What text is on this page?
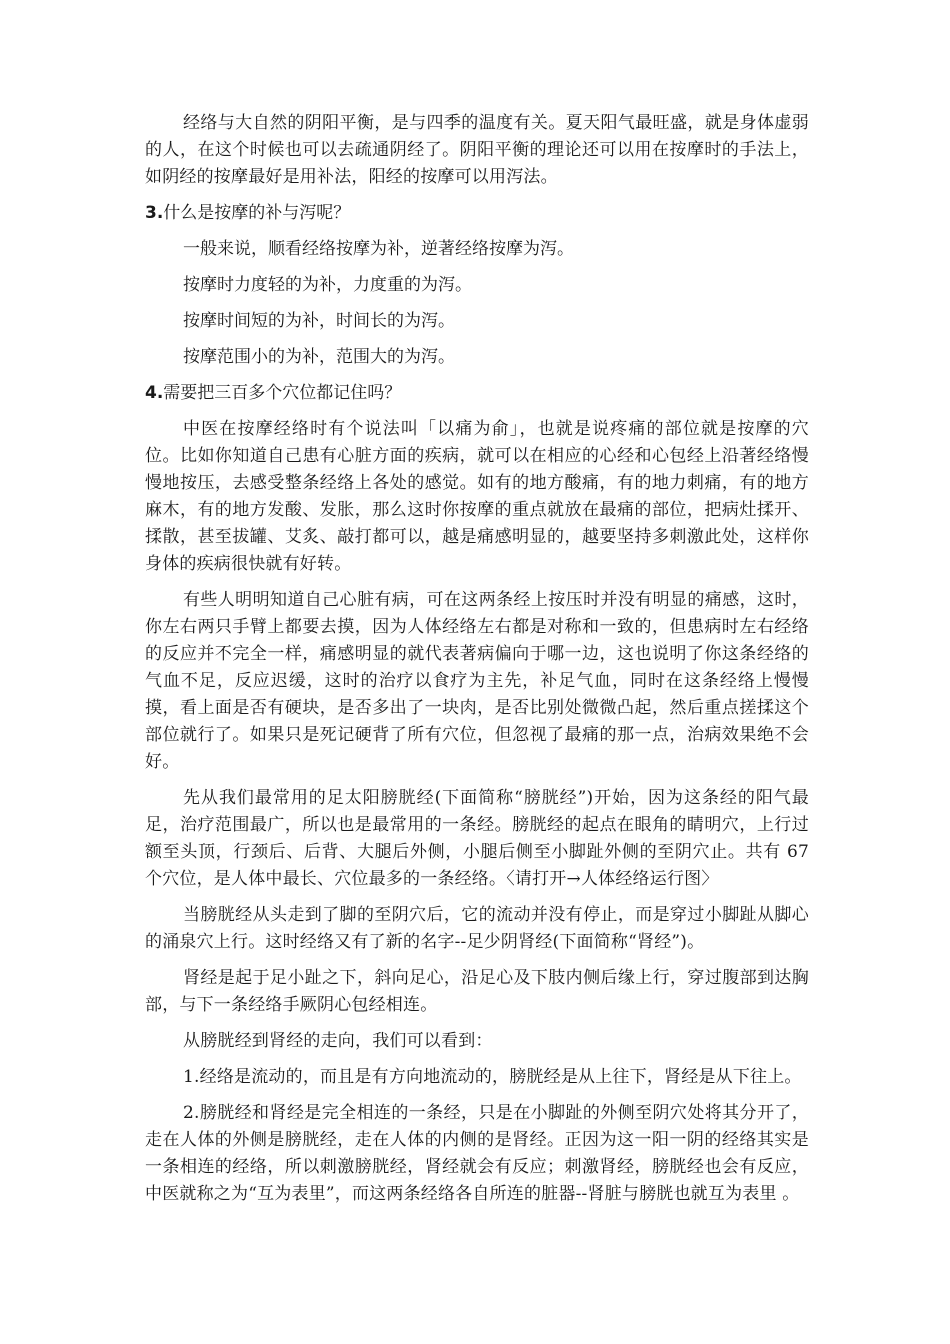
经络与大自然的阴阳平衡，是与四季的温度有关。夏天阳气最旺盛，就是身体虚弱的人，在这个时候也可以去疏通阴经了。阴阳平衡的理论还可以用在按摩时的手法上，如阴经的按摩最好是用补法，阳经的按摩可以用泻法。

3.什么是按摩的补与泻呢？

一般来说，顺看经络按摩为补，逆著经络按摩为泻。

按摩时力度轻的为补，力度重的为泻。

按摩时间短的为补，时间长的为泻。

按摩范围小的为补，范围大的为泻。

4.需要把三百多个穴位都记住吗？

中医在按摩经络时有个说法叫「以痛为俞」，也就是说疼痛的部位就是按摩的穴位。比如你知道自己患有心脏方面的疾病，就可以在相应的心经和心包经上沿著经络慢慢地按压，去感受整条经络上各处的感觉。如有的地方酸痛，有的地力刺痛，有的地方麻木，有的地方发酸、发胀，那么这时你按摩的重点就放在最痛的部位，把病灶揉开、揉散，甚至拔罐、艾炙、敲打都可以，越是痛感明显的，越要坚持多刺激此处，这样你身体的疾病很快就有好转。

有些人明明知道自己心脏有病，可在这两条经上按压时并没有明显的痛感，这时，你左右两只手臂上都要去摸，因为人体经络左右都是对称和一致的，但患病时左右经络的反应并不完全一样，痛感明显的就代表著病偏向于哪一边，这也说明了你这条经络的气血不足，反应迟缓，这时的治疗以食疗为主先，补足气血，同时在这条经络上慢慢摸，看上面是否有硬块，是否多出了一块肉，是否比别处微微凸起，然后重点搓揉这个部位就行了。如果只是死记硬背了所有穴位，但忽视了最痛的那一点，治病效果绝不会好。

先从我们最常用的足太阳膀胱经(下面简称“膀胱经”)开始，因为这条经的阳气最足，治疗范围最广，所以也是最常用的一条经。膀胱经的起点在眼角的睛明穴，上行过额至头顶，行颈后、后背、大腿后外侧，小腿后侧至小脚趾外侧的至阴穴止。共有 67 个穴位，是人体中最长、穴位最多的一条经络。〈请打开→人体经络运行图〉

当膀胱经从头走到了脚的至阴穴后，它的流动并没有停止，而是穿过小脚趾从脚心的涌泉穴上行。这时经络又有了新的名字--足少阴肾经(下面简称“肾经”)。

肾经是起于足小趾之下，斜向足心，沿足心及下肢内侧后缘上行，穿过腹部到达胸部，与下一条经络手厥阴心包经相连。

从膀胱经到肾经的走向，我们可以看到：

1.经络是流动的，而且是有方向地流动的，膀胱经是从上往下，肾经是从下往上。

2.膀胱经和肾经是完全相连的一条经，只是在小脚趾的外侧至阴穴处将其分开了，走在人体的外侧是膀胱经，走在人体的内侧的是肾经。正因为这一阳一阴的经络其实是一条相连的经络，所以刺激膀胱经，肾经就会有反应；刺激肾经，膀胱经也会有反应，中医就称之为“互为表里”，而这两条经络各自所连的脏器--肾脏与膀胱也就互为表里 。
